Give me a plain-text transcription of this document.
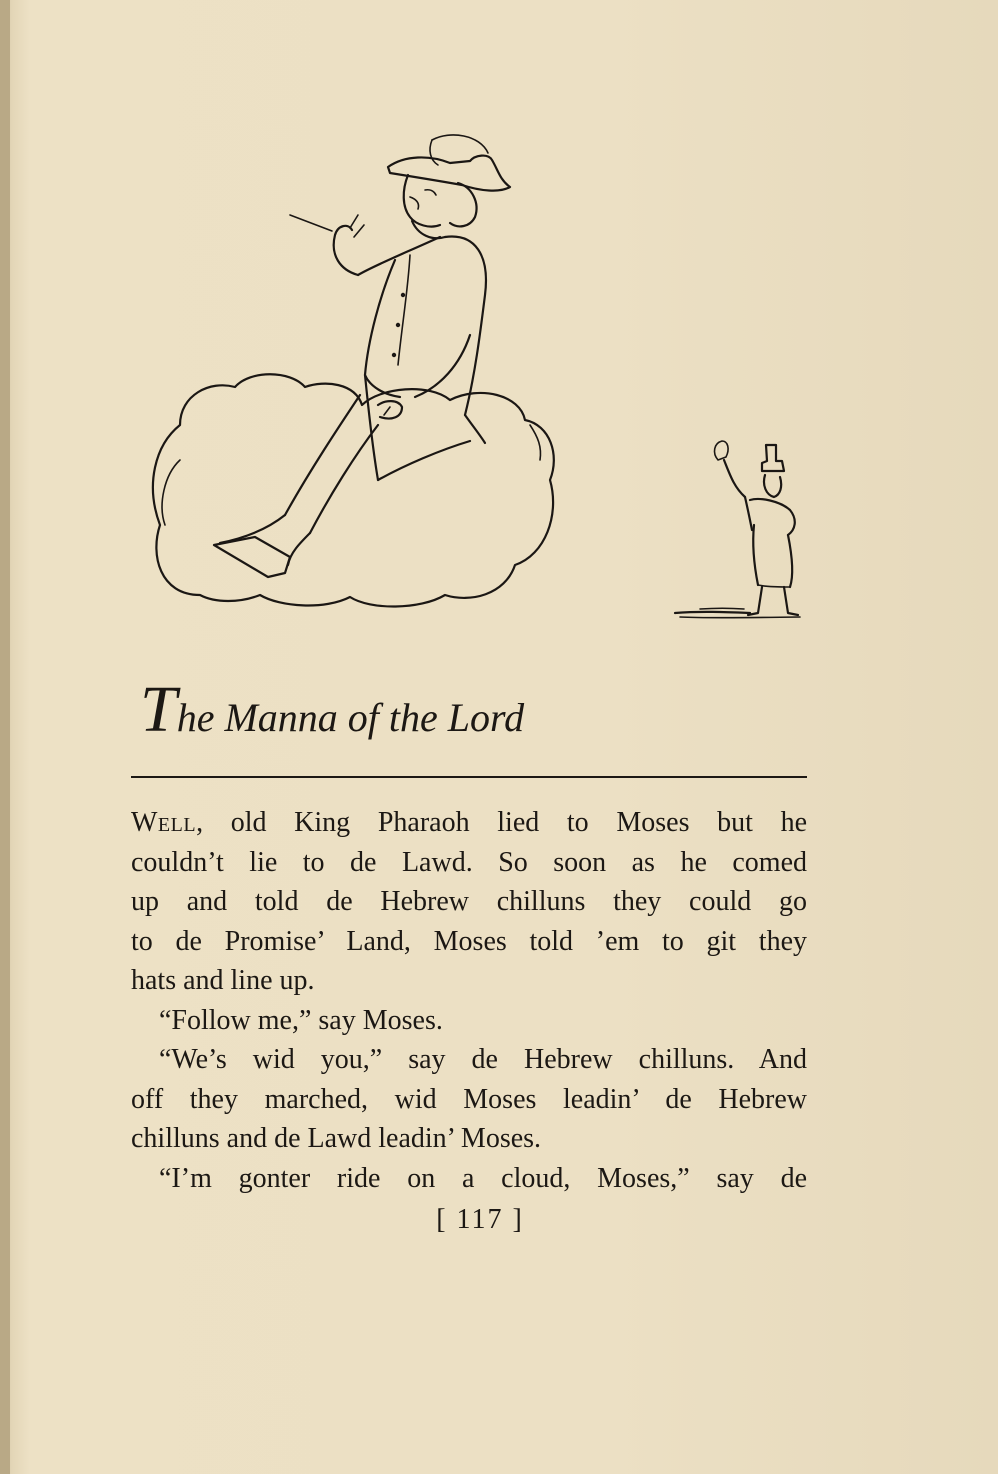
The Manna of the Lord
Well, old King Pharaoh lied to Moses but he
couldn’t lie to de Lawd. So soon as he comed
up and told de Hebrew chilluns they could go
to de Promise’ Land, Moses told ’em to git they
hats and line up.
“Follow me,” say Moses.
“We’s wid you,” say de Hebrew chilluns. And
off they marched, wid Moses leadin’ de Hebrew
chilluns and de Lawd leadin’ Moses.
“I’m gonter ride on a cloud, Moses,” say de
[ 117 ]
